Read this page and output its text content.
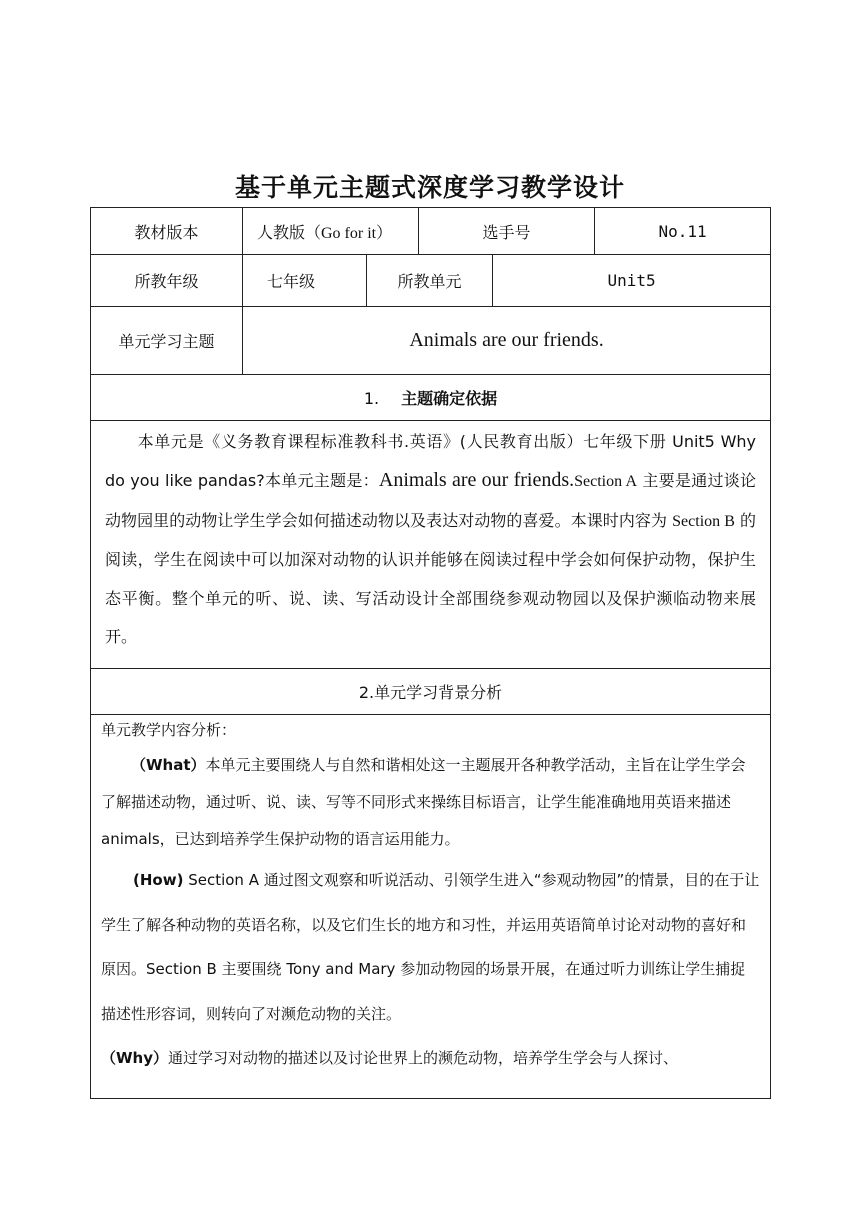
基于单元主题式深度学习教学设计
教材版本	人教版（Go for it）		选手号		No.11
所教年级	七年级	所教单元		Unit5	
单元学习主题	Animals are our friends.				
1. 主题确定依据					

本单元是《义务教育课程标准教科书.英语》(人民教育出版）七年级下册 Unit5 Why do you like pandas?本单元主题是：Animals are our friends.Section A 主要是通过谈论动物园里的动物让学生学会如何描述动物以及表达对动物的喜爱。本课时内容为 Section B 的阅读，学生在阅读中可以加深对动物的认识并能够在阅读过程中学会如何保护动物，保护生态平衡。整个单元的听、说、读、写活动设计全部围绕参观动物园以及保护濒临动物来展开。					

2.单元学习背景分析					

单元教学内容分析：

（What）本单元主要围绕人与自然和谐相处这一主题展开各种教学活动，主旨在让学生学会了解描述动物，通过听、说、读、写等不同形式来操练目标语言，让学生能准确地用英语来描述 animals，已达到培养学生保护动物的语言运用能力。

(How) Section A 通过图文观察和听说活动、引领学生进入“参观动物园”的情景，目的在于让学生了解各种动物的英语名称，以及它们生长的地方和习性，并运用英语简单讨论对动物的喜好和原因。Section B 主要围绕 Tony and Mary 参加动物园的场景开展，在通过听力训练让学生捕捉描述性形容词，则转向了对濒危动物的关注。

（Why）通过学习对动物的描述以及讨论世界上的濒危动物，培养学生学会与人探讨、					
